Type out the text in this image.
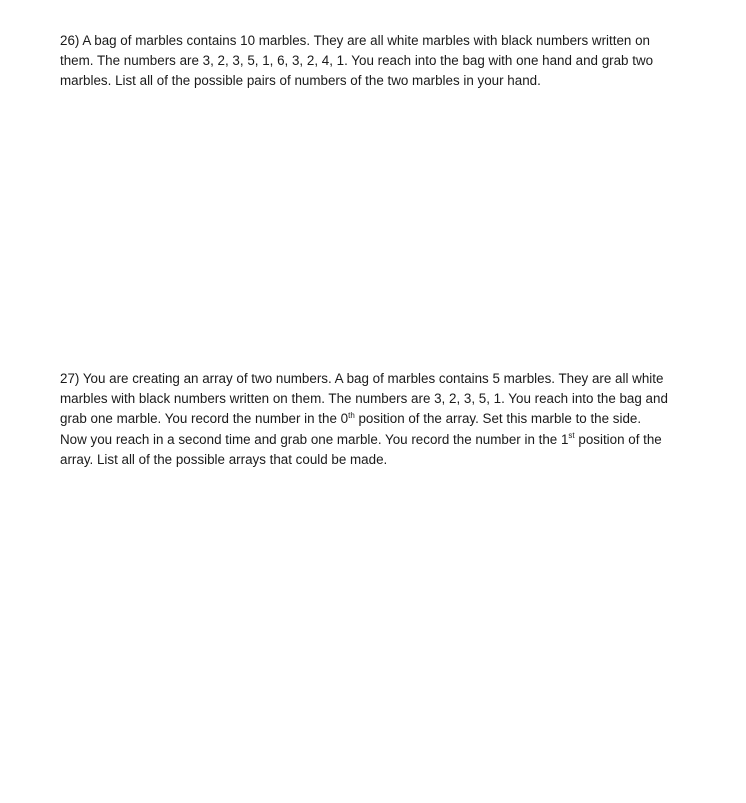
26) A bag of marbles contains 10 marbles. They are all white marbles with black numbers written on
them. The numbers are 3, 2, 3, 5, 1, 6, 3, 2, 4, 1. You reach into the bag with one hand and grab two
marbles. List all of the possible pairs of numbers of the two marbles in your hand.

27) You are creating an array of two numbers. A bag of marbles contains 5 marbles. They are all white
marbles with black numbers written on them. The numbers are 3, 2, 3, 5, 1. You reach into the bag and
grab one marble. You record the number in the 0th position of the array. Set this marble to the side.
Now you reach in a second time and grab one marble. You record the number in the 1st position of the
array. List all of the possible arrays that could be made.
